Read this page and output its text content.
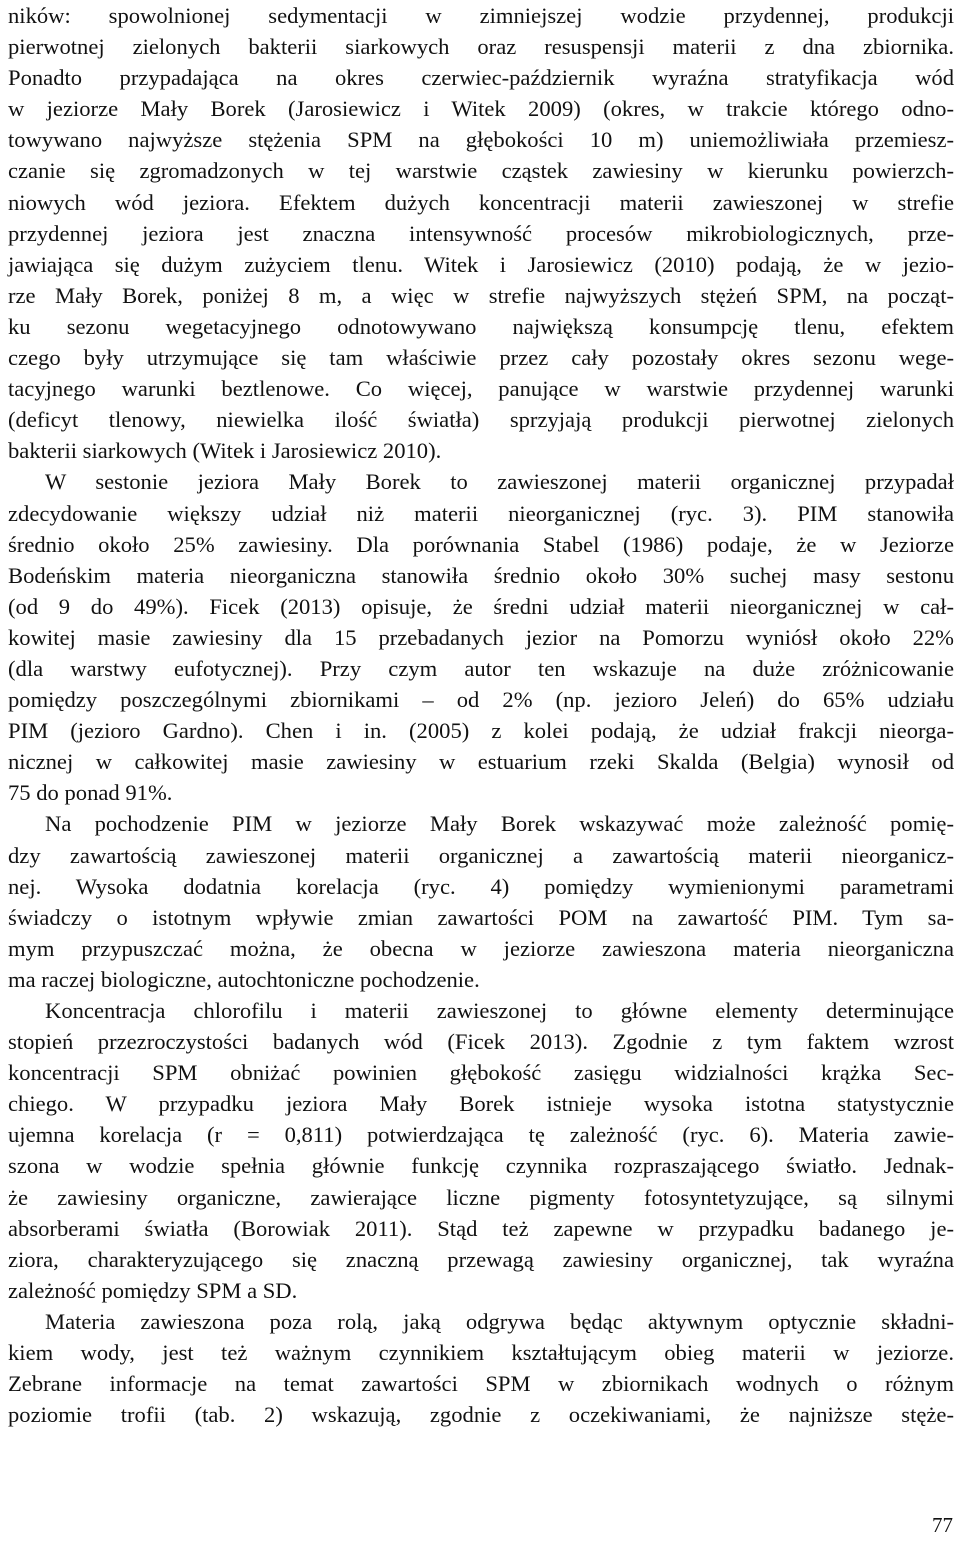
ników: spowolnionej sedymentacji w zimniejszej wodzie przydennej, produkcji
pierwotnej zielonych bakterii siarkowych oraz resuspensji materii z dna zbiornika.
Ponadto przypadająca na okres czerwiec-październik wyraźna stratyfikacja wód
w jeziorze Mały Borek (Jarosiewicz i Witek 2009) (okres, w trakcie którego odno-
towywano najwyższe stężenia SPM na głębokości 10 m) uniemożliwiała przemiesz-
czanie się zgromadzonych w tej warstwie cząstek zawiesiny w kierunku powierzch-
niowych wód jeziora. Efektem dużych koncentracji materii zawieszonej w strefie
przydennej jeziora jest znaczna intensywność procesów mikrobiologicznych, prze-
jawiająca się dużym zużyciem tlenu. Witek i Jarosiewicz (2010) podają, że w jezio-
rze Mały Borek, poniżej 8 m, a więc w strefie najwyższych stężeń SPM, na począt-
ku sezonu wegetacyjnego odnotowywano największą konsumpcję tlenu, efektem
czego były utrzymujące się tam właściwie przez cały pozostały okres sezonu wege-
tacyjnego warunki beztlenowe. Co więcej, panujące w warstwie przydennej warunki
(deficyt tlenowy, niewielka ilość światła) sprzyjają produkcji pierwotnej zielonych
bakterii siarkowych (Witek i Jarosiewicz 2010).
W sestonie jeziora Mały Borek to zawieszonej materii organicznej przypadał
zdecydowanie większy udział niż materii nieorganicznej (ryc. 3). PIM stanowiła
średnio około 25% zawiesiny. Dla porównania Stabel (1986) podaje, że w Jeziorze
Bodeńskim materia nieorganiczna stanowiła średnio około 30% suchej masy sestonu
(od 9 do 49%). Ficek (2013) opisuje, że średni udział materii nieorganicznej w cał-
kowitej masie zawiesiny dla 15 przebadanych jezior na Pomorzu wyniósł około 22%
(dla warstwy eufotycznej). Przy czym autor ten wskazuje na duże zróżnicowanie
pomiędzy poszczególnymi zbiornikami – od 2% (np. jezioro Jeleń) do 65% udziału
PIM (jezioro Gardno). Chen i in. (2005) z kolei podają, że udział frakcji nieorga-
nicznej w całkowitej masie zawiesiny w estuarium rzeki Skalda (Belgia) wynosił od
75 do ponad 91%.
Na pochodzenie PIM w jeziorze Mały Borek wskazywać może zależność pomię-
dzy zawartością zawieszonej materii organicznej a zawartością materii nieorganicz-
nej. Wysoka dodatnia korelacja (ryc. 4) pomiędzy wymienionymi parametrami
świadczy o istotnym wpływie zmian zawartości POM na zawartość PIM. Tym sa-
mym przypuszczać można, że obecna w jeziorze zawieszona materia nieorganiczna
ma raczej biologiczne, autochtoniczne pochodzenie.
Koncentracja chlorofilu i materii zawieszonej to główne elementy determinujące
stopień przezroczystości badanych wód (Ficek 2013). Zgodnie z tym faktem wzrost
koncentracji SPM obniżać powinien głębokość zasięgu widzialności krążka Sec-
chiego. W przypadku jeziora Mały Borek istnieje wysoka istotna statystycznie
ujemna korelacja (r = 0,811) potwierdzająca tę zależność (ryc. 6). Materia zawie-
szona w wodzie spełnia głównie funkcję czynnika rozpraszającego światło. Jednak-
że zawiesiny organiczne, zawierające liczne pigmenty fotosyntetyzujące, są silnymi
absorberami światła (Borowiak 2011). Stąd też zapewne w przypadku badanego je-
ziora, charakteryzującego się znaczną przewagą zawiesiny organicznej, tak wyraźna
zależność pomiędzy SPM a SD.
Materia zawieszona poza rolą, jaką odgrywa będąc aktywnym optycznie składni-
kiem wody, jest też ważnym czynnikiem kształtującym obieg materii w jeziorze.
Zebrane informacje na temat zawartości SPM w zbiornikach wodnych o różnym
poziomie trofii (tab. 2) wskazują, zgodnie z oczekiwaniami, że najniższe stęże-
77
